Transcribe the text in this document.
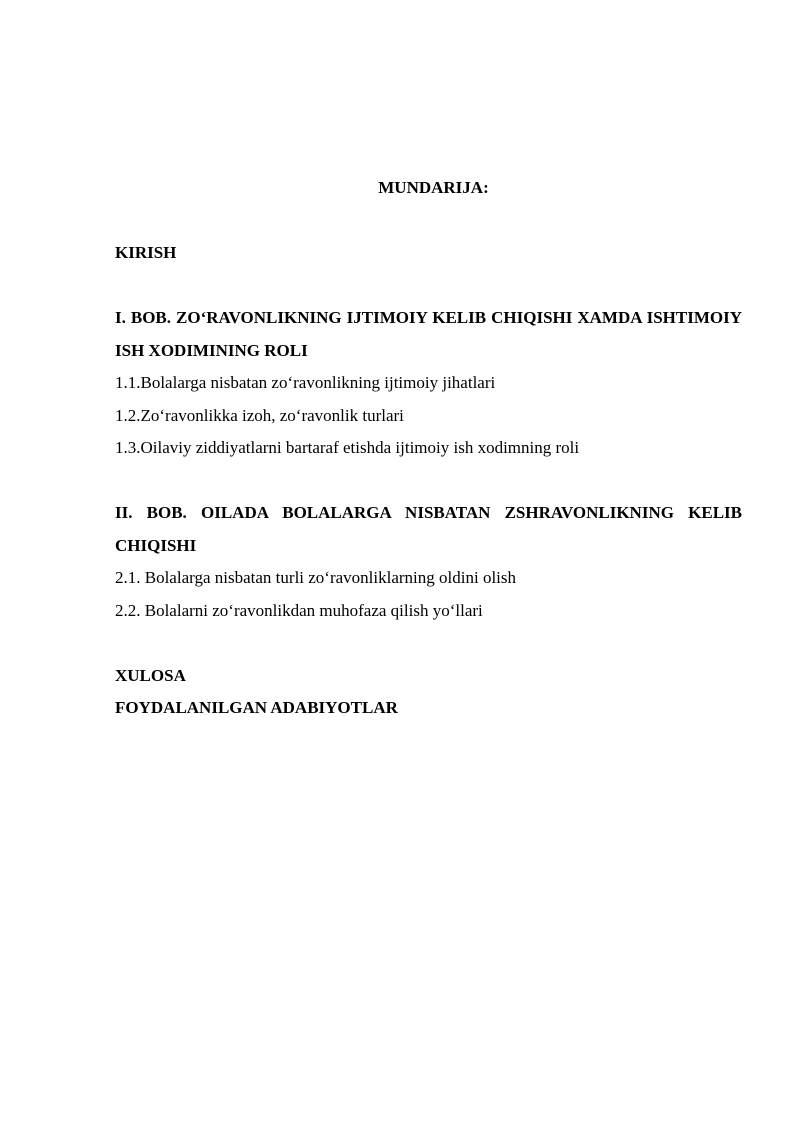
MUNDARIJA:

KIRISH

I. BOB. ZO‘RAVONLIKNING IJTIMOIY KELIB CHIQISHI XAMDA ISHTIMOIY ISH XODIMINING ROLI

1.1.Bolalarga nisbatan zo‘ravonlikning ijtimoiy jihatlari

1.2.Zo‘ravonlikka izoh, zo‘ravonlik turlari

1.3.Oilaviy ziddiyatlarni bartaraf etishda ijtimoiy ish xodimning roli

II. BOB. OILADA BOLALARGA NISBATAN ZSHRAVONLIKNING KELIB CHIQISHI

2.1. Bolalarga nisbatan turli zo‘ravonliklarning oldini olish

2.2. Bolalarni zo‘ravonlikdan muhofaza qilish yo‘llari

XULOSA

FOYDALANILGAN ADABIYOTLAR
